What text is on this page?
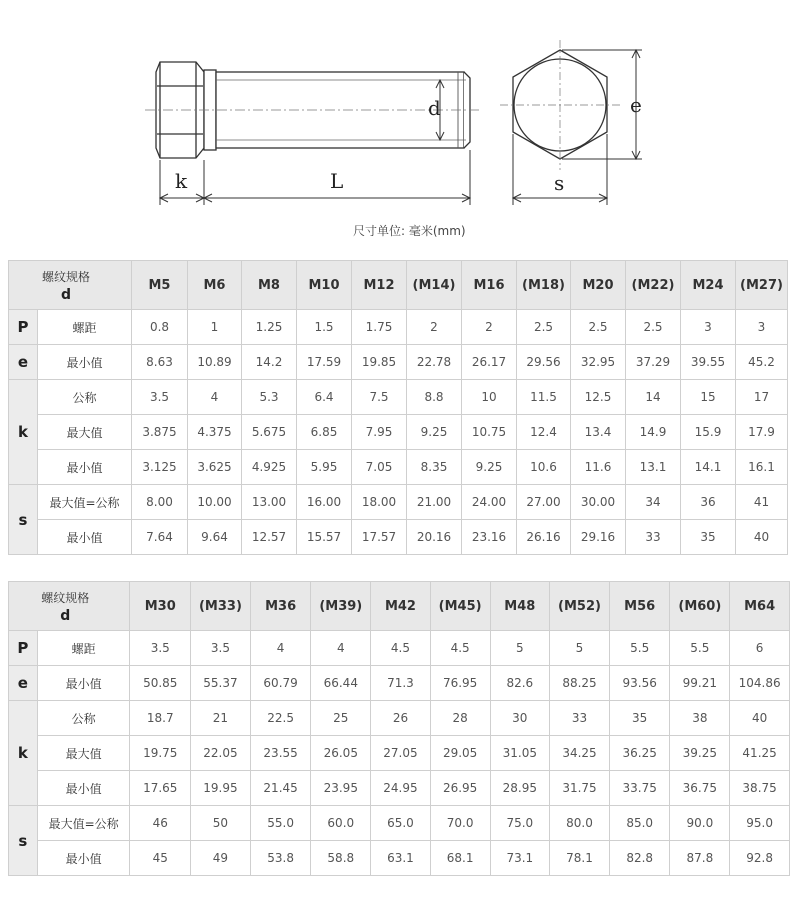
k	L
d	e
s
尺寸单位: 毫米(mm)
螺纹规格
d		M5	M6	M8	M10	M12	(M14)	M16	(M18)	M20	(M22)	M24	(M27)
P	螺距	0.8	1	1.25	1.5	1.75	2	2	2.5	2.5	2.5	3	3
e	最小值	8.63	10.89	14.2	17.59	19.85	22.78	26.17	29.56	32.95	37.29	39.55	45.2
k	公称	3.5	4	5.3	6.4	7.5	8.8	10	11.5	12.5	14	15	17
	最大值	3.875	4.375	5.675	6.85	7.95	9.25	10.75	12.4	13.4	14.9	15.9	17.9
	最小值	3.125	3.625	4.925	5.95	7.05	8.35	9.25	10.6	11.6	13.1	14.1	16.1
s	最大值=公称	8.00	10.00	13.00	16.00	18.00	21.00	24.00	27.00	30.00	34	36	41
	最小值	7.64	9.64	12.57	15.57	17.57	20.16	23.16	26.16	29.16	33	35	40
螺纹规格
d		M30	(M33)	M36	(M39)	M42	(M45)	M48	(M52)	M56	(M60)	M64
P	螺距	3.5	3.5	4	4	4.5	4.5	5	5	5.5	5.5	6
e	最小值	50.85	55.37	60.79	66.44	71.3	76.95	82.6	88.25	93.56	99.21	104.86
k	公称	18.7	21	22.5	25	26	28	30	33	35	38	40
	最大值	19.75	22.05	23.55	26.05	27.05	29.05	31.05	34.25	36.25	39.25	41.25
	最小值	17.65	19.95	21.45	23.95	24.95	26.95	28.95	31.75	33.75	36.75	38.75
s	最大值=公称	46	50	55.0	60.0	65.0	70.0	75.0	80.0	85.0	90.0	95.0
	最小值	45	49	53.8	58.8	63.1	68.1	73.1	78.1	82.8	87.8	92.8
